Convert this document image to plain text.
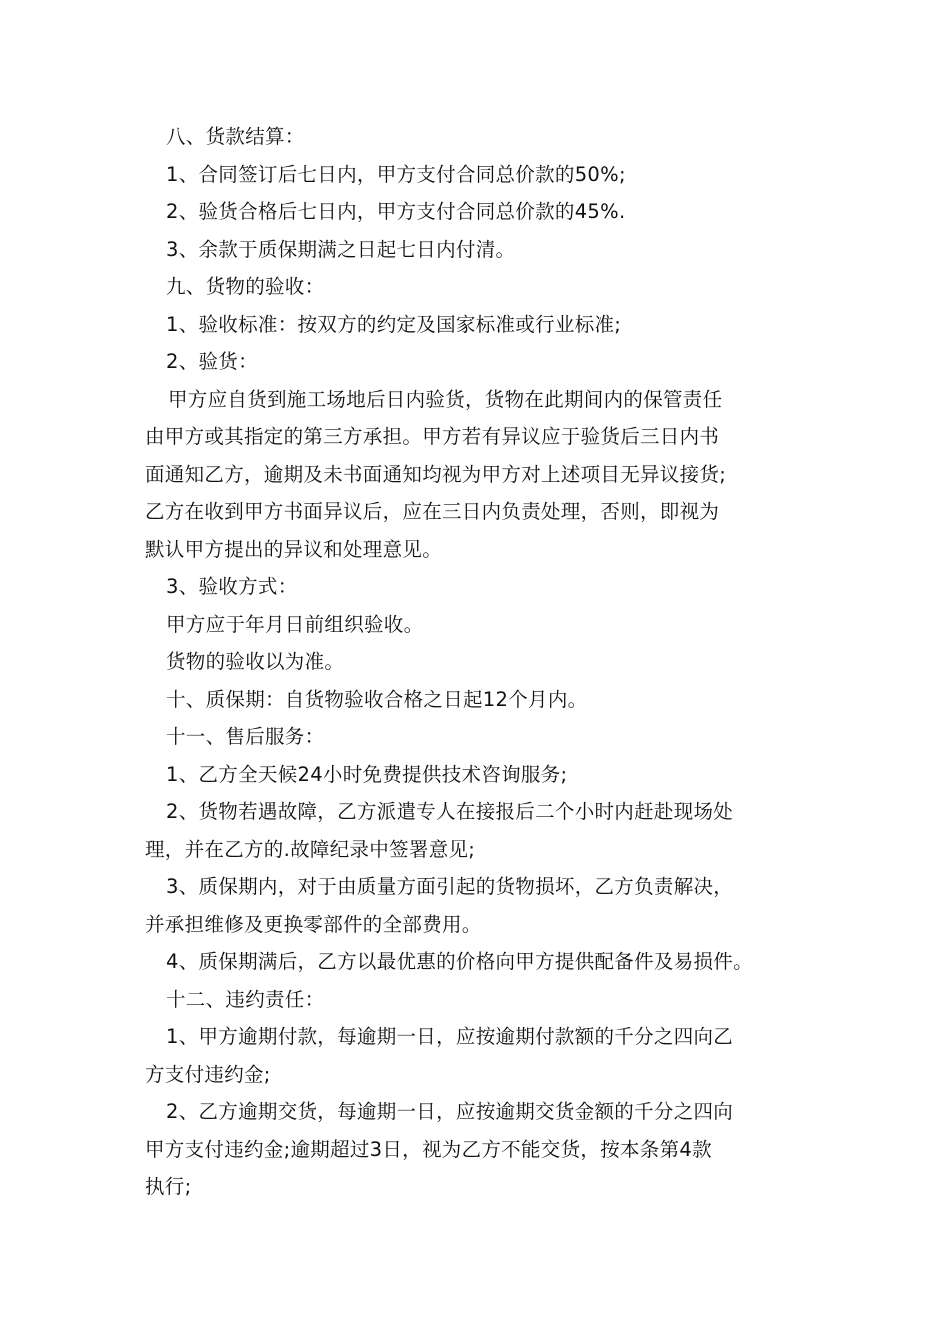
八、货款结算：
1、合同签订后七日内，甲方支付合同总价款的50%;
2、验货合格后七日内，甲方支付合同总价款的45%.
3、余款于质保期满之日起七日内付清。
九、货物的验收：
1、验收标准：按双方的约定及国家标准或行业标准;
2、验货：
甲方应自货到施工场地后日内验货，货物在此期间内的保管责任
由甲方或其指定的第三方承担。甲方若有异议应于验货后三日内书
面通知乙方，逾期及未书面通知均视为甲方对上述项目无异议接货;
乙方在收到甲方书面异议后，应在三日内负责处理，否则，即视为
默认甲方提出的异议和处理意见。
3、验收方式：
甲方应于年月日前组织验收。
货物的验收以为准。
十、质保期：自货物验收合格之日起12个月内。
十一、售后服务：
1、乙方全天候24小时免费提供技术咨询服务;
2、货物若遇故障，乙方派遣专人在接报后二个小时内赶赴现场处
理，并在乙方的.故障纪录中签署意见;
3、质保期内，对于由质量方面引起的货物损坏，乙方负责解决，
并承担维修及更换零部件的全部费用。
4、质保期满后，乙方以最优惠的价格向甲方提供配备件及易损件。
十二、违约责任：
1、甲方逾期付款，每逾期一日，应按逾期付款额的千分之四向乙
方支付违约金;
2、乙方逾期交货，每逾期一日，应按逾期交货金额的千分之四向
甲方支付违约金;逾期超过3日，视为乙方不能交货，按本条第4款
执行;
